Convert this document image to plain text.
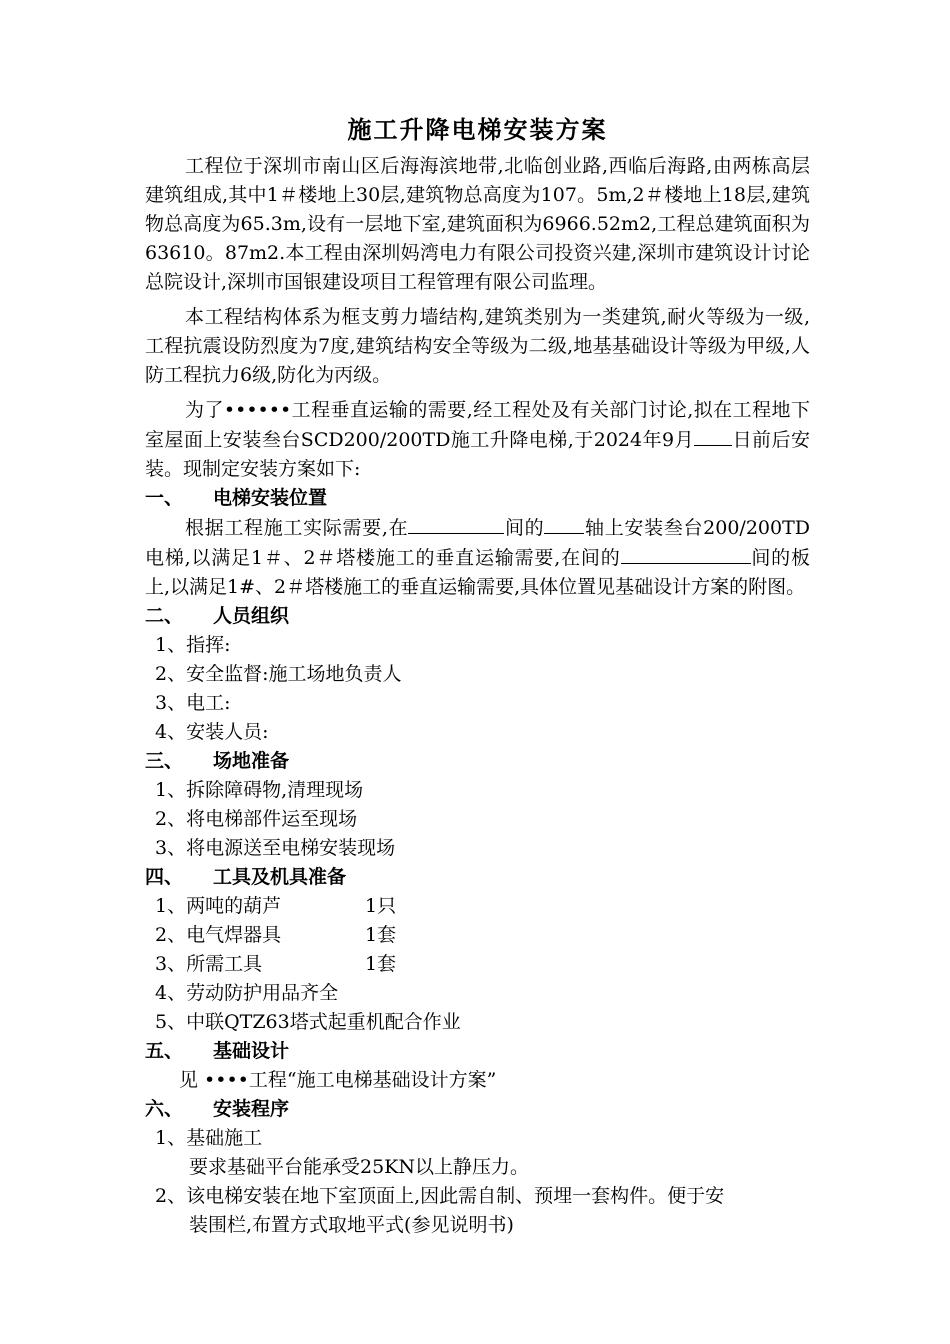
施工升降电梯安装方案

工程位于深圳市南山区后海海滨地带,北临创业路,西临后海路,由两栋高层建筑组成,其中1＃楼地上30层,建筑物总高度为107。5m,2＃楼地上18层,建筑物总高度为65.3m,设有一层地下室,建筑面积为6966.52m2,工程总建筑面积为63610。87m2.本工程由深圳妈湾电力有限公司投资兴建,深圳市建筑设计讨论总院设计,深圳市国银建设项目工程管理有限公司监理。

本工程结构体系为框支剪力墙结构,建筑类别为一类建筑,耐火等级为一级,工程抗震设防烈度为7度,建筑结构安全等级为二级,地基基础设计等级为甲级,人防工程抗力6级,防化为丙级。

为了••••••工程垂直运输的需要,经工程处及有关部门讨论,拟在工程地下室屋面上安装叁台SCD200/200TD施工升降电梯,于2024年9月 日前后安装。现制定安装方案如下:

一、	电梯安装位置

根据工程施工实际需要,在	间的 轴上安装叁台200/200TD电梯,以满足1＃、2＃塔楼施工的垂直运输需要,在间的	间的板上,以满足1#、2＃塔楼施工的垂直运输需要,具体位置见基础设计方案的附图。

二、	人员组织
1、指挥:
2、安全监督:施工场地负责人
3、电工:
4、安装人员:
三、	场地准备
1、拆除障碍物,清理现场
2、将电梯部件运至现场
3、将电源送至电梯安装现场
四、	工具及机具准备
1、两吨的葫芦	1只
2、电气焊器具	1套
3、所需工具	1套
4、劳动防护用品齐全
5、中联QTZ63塔式起重机配合作业
五、	基础设计
见 ••••工程“施工电梯基础设计方案”
六、	安装程序
1、基础施工
要求基础平台能承受25KN以上静压力。
2、该电梯安装在地下室顶面上,因此需自制、预埋一套构件。便于安
装围栏,布置方式取地平式(参见说明书)
